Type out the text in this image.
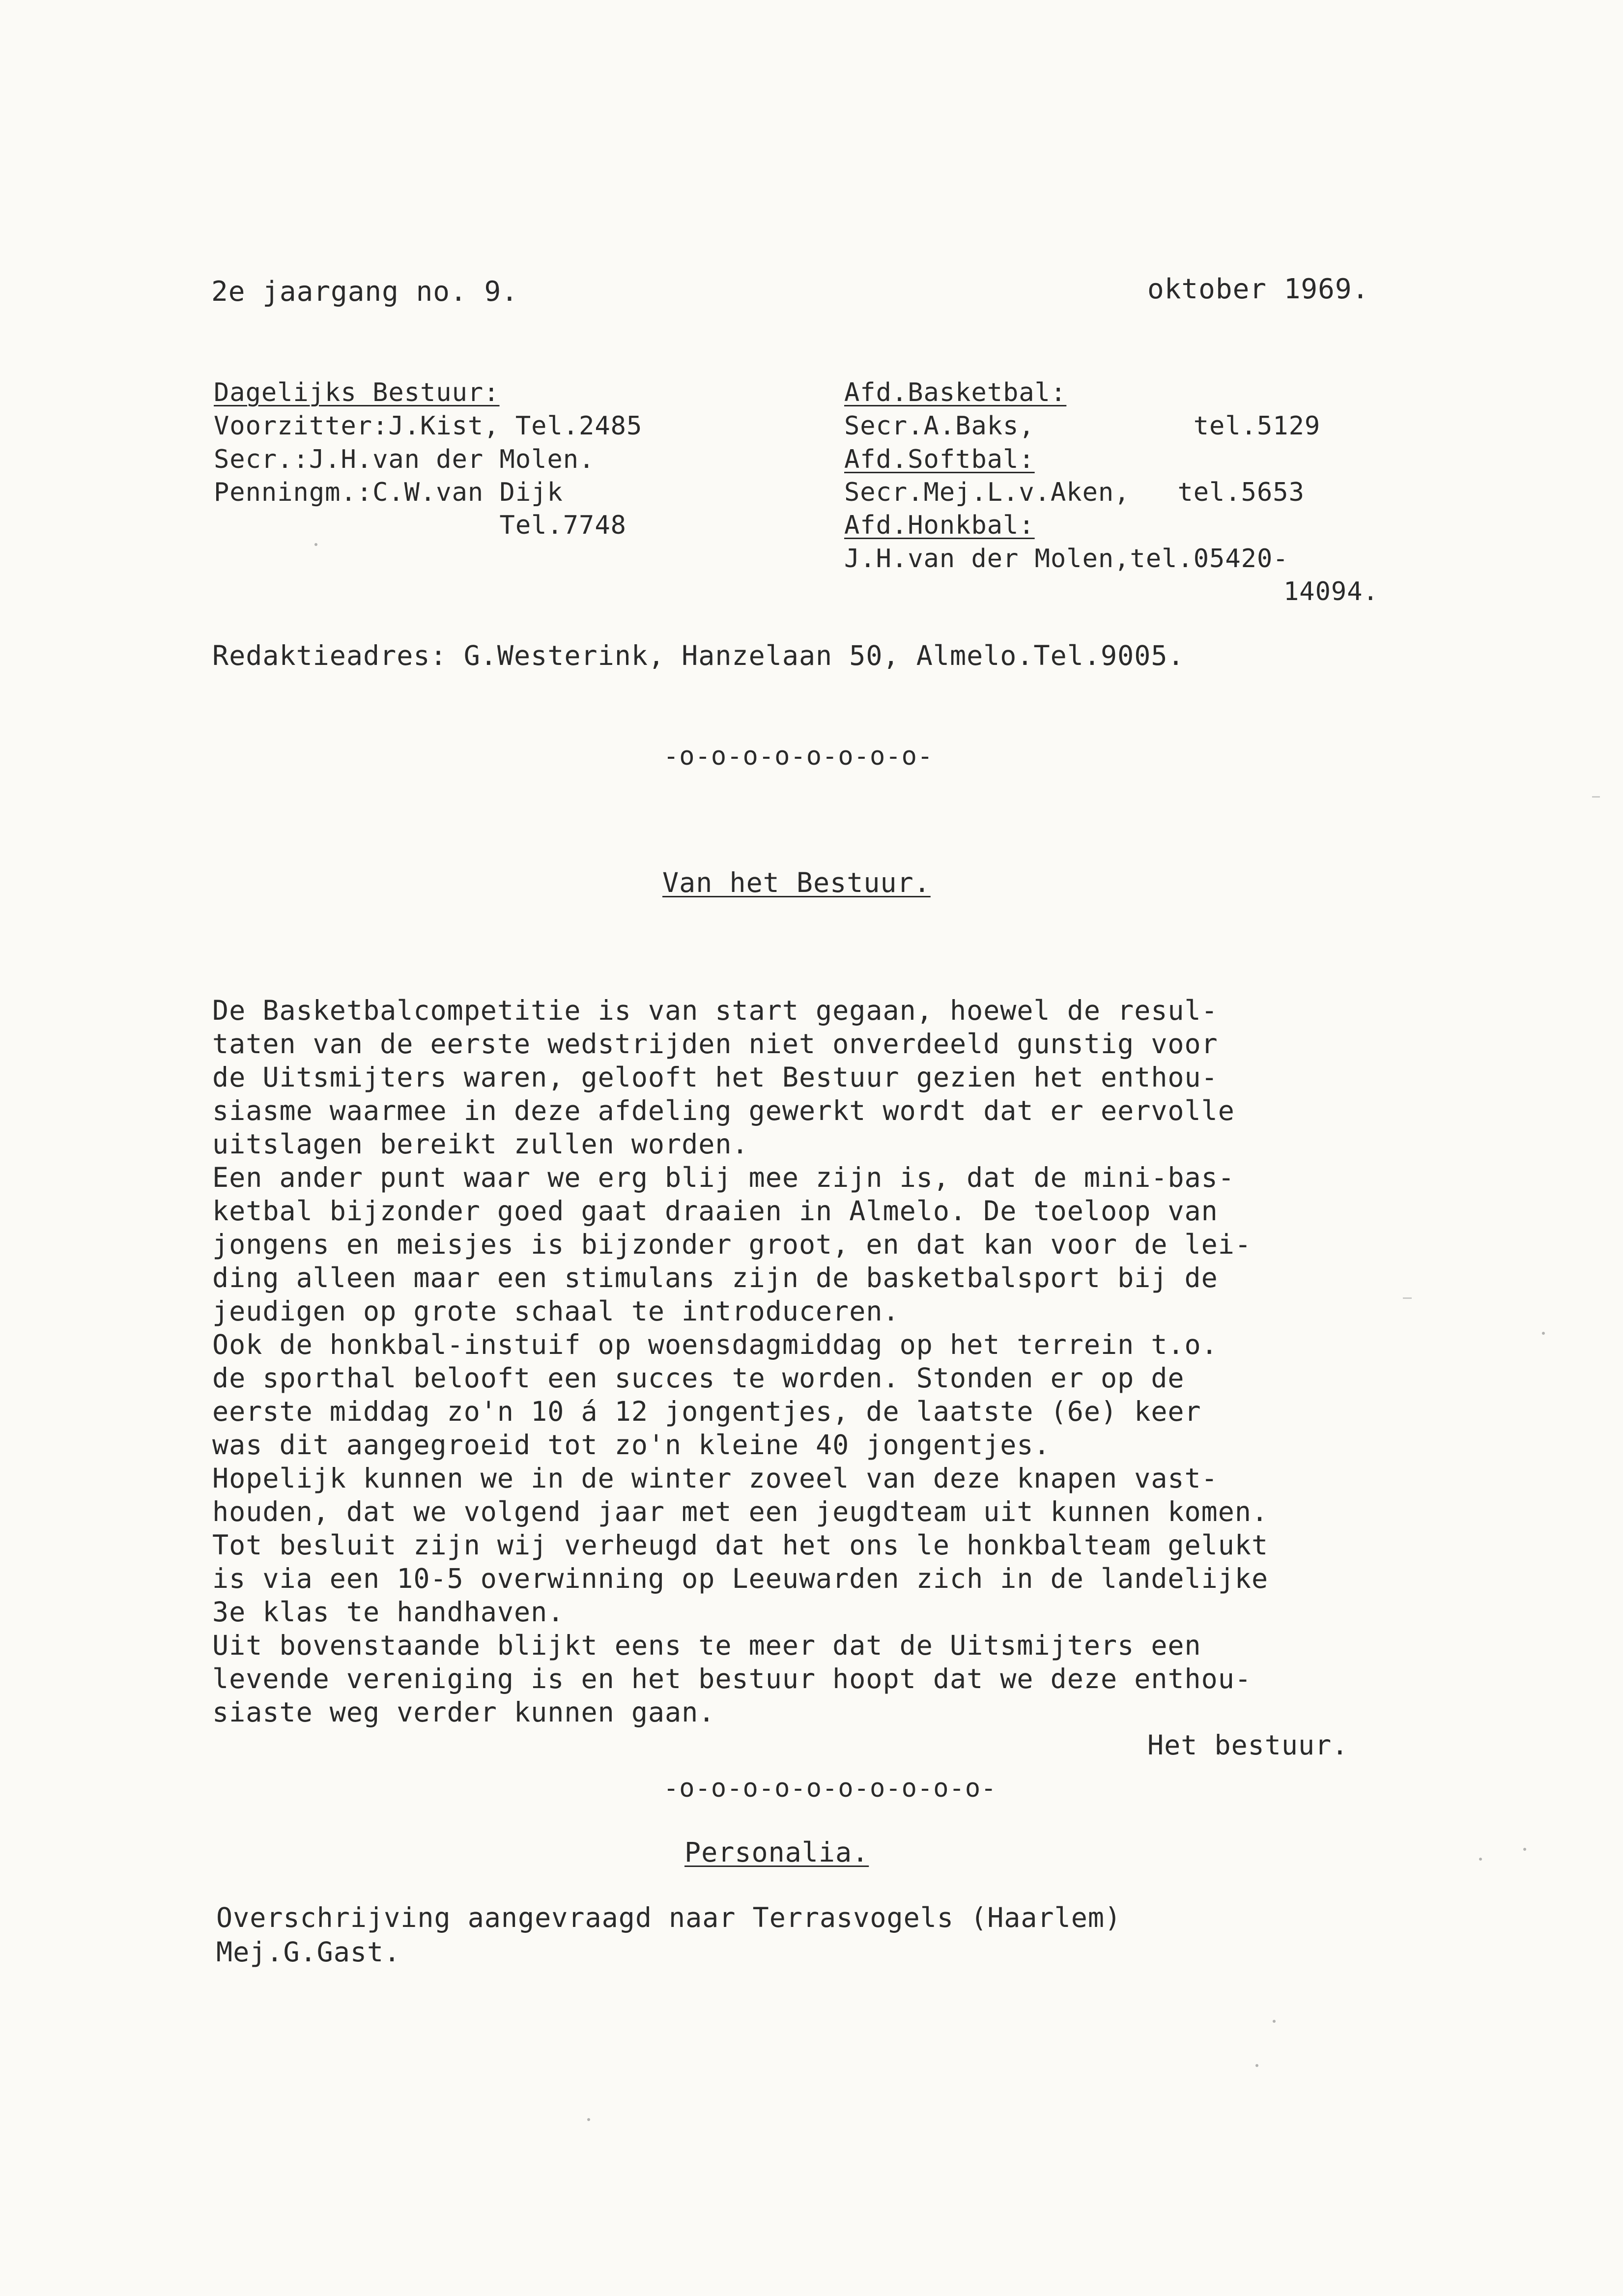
2e jaargang no. 9.	oktober 1969.
Dagelijks Bestuur:
Voorzitter:J.Kist, Tel.2485
Secr.:J.H.van der Molen.
Penningm.:C.W.van Dijk
Tel.7748
Afd.Basketbal:
Secr.A.Baks,          tel.5129
Afd.Softbal:
Secr.Mej.L.v.Aken,   tel.5653
Afd.Honkbal:
J.H.van der Molen,tel.05420-
14094.
Redaktieadres: G.Westerink, Hanzelaan 50, Almelo.Tel.9005.
-o-o-o-o-o-o-o-o-
Van het Bestuur.
De Basketbalcompetitie is van start gegaan, hoewel de resul-
taten van de eerste wedstrijden niet onverdeeld gunstig voor
de Uitsmijters waren, gelooft het Bestuur gezien het enthou-
siasme waarmee in deze afdeling gewerkt wordt dat er eervolle
uitslagen bereikt zullen worden.
Een ander punt waar we erg blij mee zijn is, dat de mini-bas-
ketbal bijzonder goed gaat draaien in Almelo. De toeloop van
jongens en meisjes is bijzonder groot, en dat kan voor de lei-
ding alleen maar een stimulans zijn de basketbalsport bij de
jeudigen op grote schaal te introduceren.
Ook de honkbal-instuif op woensdagmiddag op het terrein t.o.
de sporthal belooft een succes te worden. Stonden er op de
eerste middag zo'n 10 á 12 jongentjes, de laatste (6e) keer
was dit aangegroeid tot zo'n kleine 40 jongentjes.
Hopelijk kunnen we in de winter zoveel van deze knapen vast-
houden, dat we volgend jaar met een jeugdteam uit kunnen komen.
Tot besluit zijn wij verheugd dat het ons le honkbalteam gelukt
is via een 10-5 overwinning op Leeuwarden zich in de landelijke
3e klas te handhaven.
Uit bovenstaande blijkt eens te meer dat de Uitsmijters een
levende vereniging is en het bestuur hoopt dat we deze enthou-
siaste weg verder kunnen gaan.
Het bestuur.
-o-o-o-o-o-o-o-o-o-o-
Personalia.
Overschrijving aangevraagd naar Terrasvogels (Haarlem)
Mej.G.Gast.
